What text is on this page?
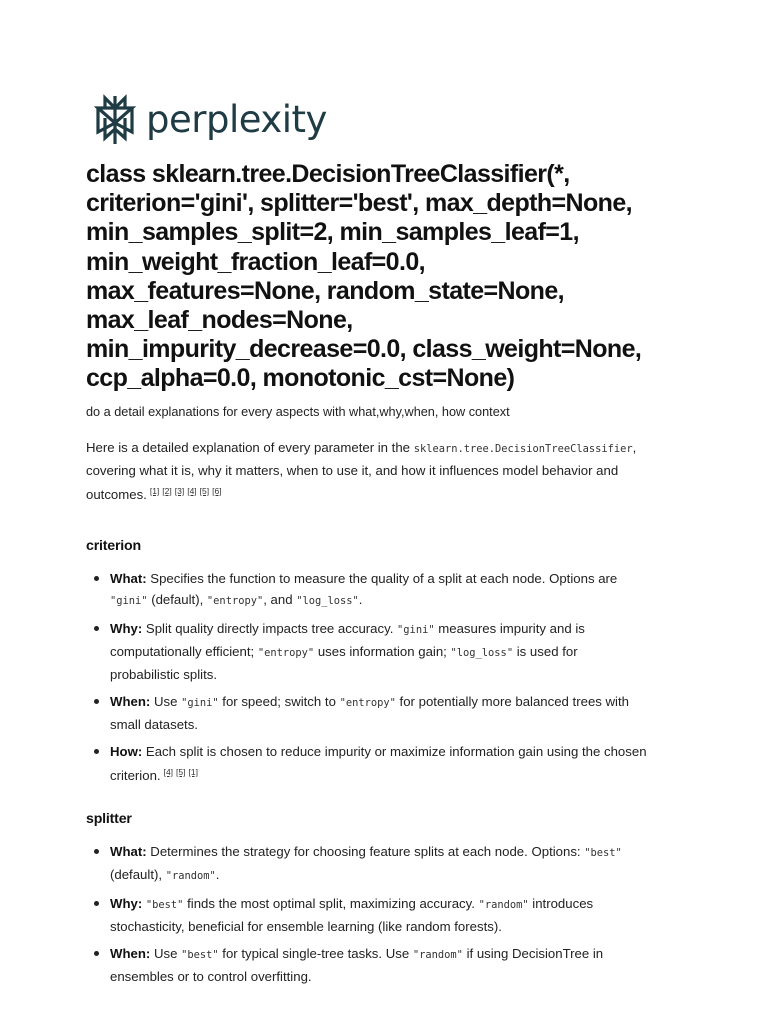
perplexity
class sklearn.tree.DecisionTreeClassifier(*,
criterion='gini', splitter='best', max_depth=None,
min_samples_split=2, min_samples_leaf=1,
min_weight_fraction_leaf=0.0,
max_features=None, random_state=None,
max_leaf_nodes=None,
min_impurity_decrease=0.0, class_weight=None,
ccp_alpha=0.0, monotonic_cst=None)
do a detail explanations for every aspects with what,why,when, how context
Here is a detailed explanation of every parameter in the sklearn.tree.DecisionTreeClassifier,
covering what it is, why it matters, when to use it, and how it influences model behavior and
outcomes. [1] [2] [3] [4] [5] [6]
criterion
What: Specifies the function to measure the quality of a split at each node. Options are
"gini" (default), "entropy", and "log_loss".
Why: Split quality directly impacts tree accuracy. "gini" measures impurity and is
computationally efficient; "entropy" uses information gain; "log_loss" is used for
probabilistic splits.
When: Use "gini" for speed; switch to "entropy" for potentially more balanced trees with
small datasets.
How: Each split is chosen to reduce impurity or maximize information gain using the chosen
criterion. [4] [5] [1]
splitter
What: Determines the strategy for choosing feature splits at each node. Options: "best"
(default), "random".
Why: "best" finds the most optimal split, maximizing accuracy. "random" introduces
stochasticity, beneficial for ensemble learning (like random forests).
When: Use "best" for typical single-tree tasks. Use "random" if using DecisionTree in
ensembles or to control overfitting.
